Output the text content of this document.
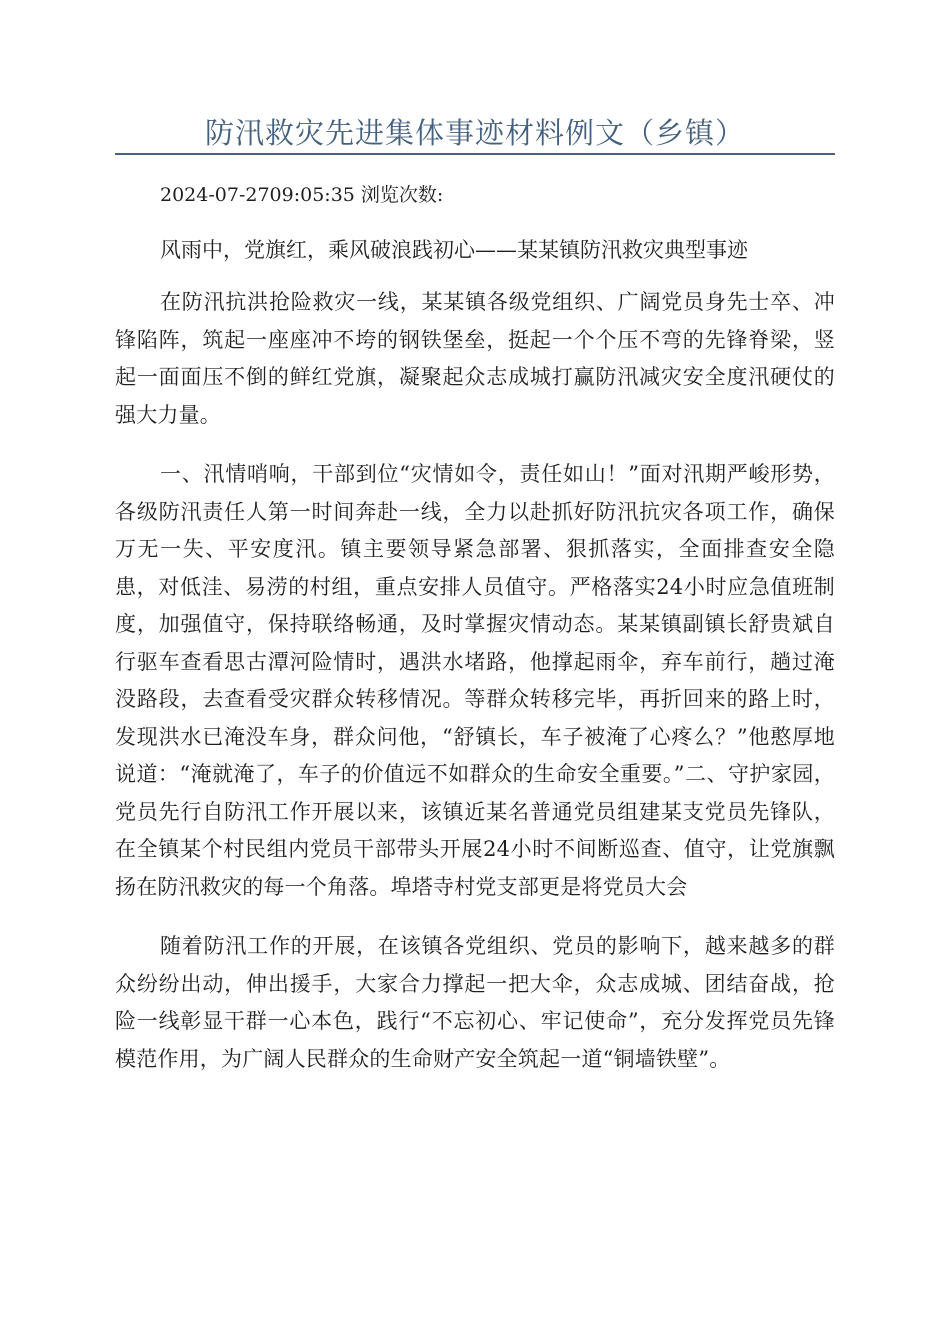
防汛救灾先进集体事迹材料例文（乡镇）
2024-07-2709:05:35 浏览次数:
风雨中，党旗红，乘风破浪践初心——某某镇防汛救灾典型事迹

在防汛抗洪抢险救灾一线，某某镇各级党组织、广阔党员身先士卒、冲锋陷阵，筑起一座座冲不垮的钢铁堡垒，挺起一个个压不弯的先锋脊梁，竖起一面面压不倒的鲜红党旗，凝聚起众志成城打赢防汛减灾安全度汛硬仗的强大力量。

一、汛情哨响，干部到位“灾情如令，责任如山！”面对汛期严峻形势，各级防汛责任人第一时间奔赴一线，全力以赴抓好防汛抗灾各项工作，确保万无一失、平安度汛。镇主要领导紧急部署、狠抓落实，全面排查安全隐患，对低洼、易涝的村组，重点安排人员值守。严格落实24小时应急值班制度，加强值守，保持联络畅通，及时掌握灾情动态。某某镇副镇长舒贵斌自行驱车查看思古潭河险情时，遇洪水堵路，他撑起雨伞，弃车前行，趟过淹没路段，去查看受灾群众转移情况。等群众转移完毕，再折回来的路上时，发现洪水已淹没车身，群众问他，“舒镇长，车子被淹了心疼么？”他憨厚地说道：“淹就淹了，车子的价值远不如群众的生命安全重要。”二、守护家园，党员先行自防汛工作开展以来，该镇近某名普通党员组建某支党员先锋队，在全镇某个村民组内党员干部带头开展24小时不间断巡查、值守，让党旗飘扬在防汛救灾的每一个角落。埠塔寺村党支部更是将党员大会

随着防汛工作的开展，在该镇各党组织、党员的影响下，越来越多的群众纷纷出动，伸出援手，大家合力撑起一把大伞，众志成城、团结奋战，抢险一线彰显干群一心本色，践行“不忘初心、牢记使命”，充分发挥党员先锋模范作用，为广阔人民群众的生命财产安全筑起一道“铜墙铁壁”。
